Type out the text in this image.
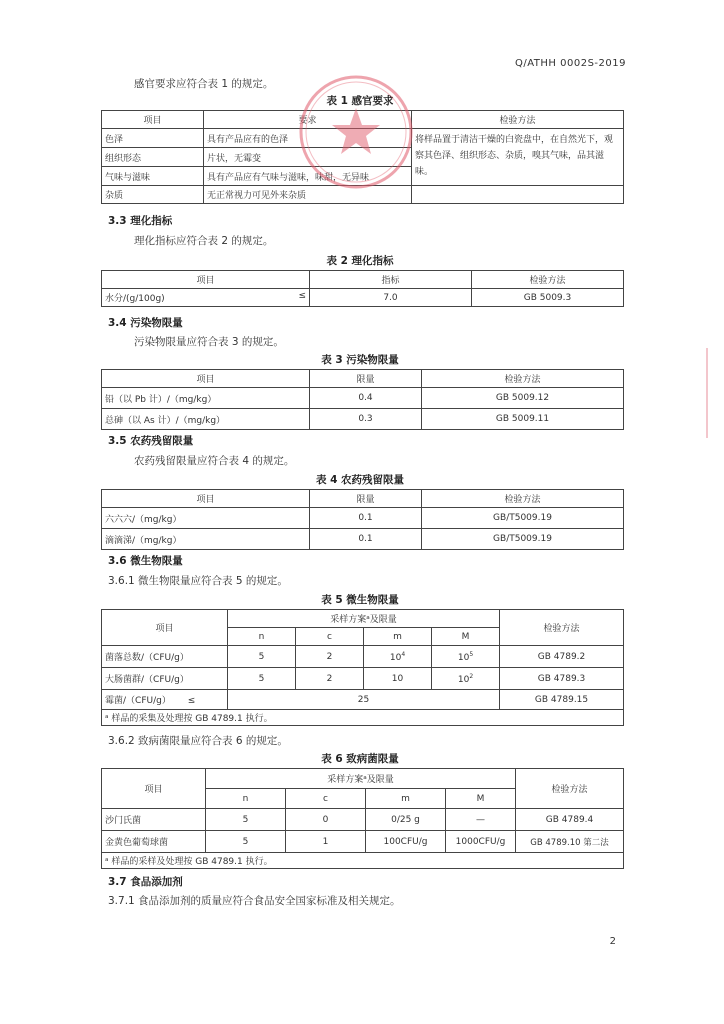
Q/ATHH 0002S-2019
感官要求应符合表 1 的规定。
表 1 感官要求
项目	要求	检验方法
色泽	具有产品应有的色泽	将样品置于清洁干燥的白瓷盘中，在自然光下，观察其色泽、组织形态、杂质，嗅其气味，品其滋味。
组织形态	片状，无霉变	
气味与滋味	具有产品应有气味与滋味，味甜，无异味	
杂质	无正常视力可见外来杂质	
3.3 理化指标
理化指标应符合表 2 的规定。
表 2 理化指标
项目	指标	检验方法
水分/(g/100g) ≤	7.0	GB 5009.3
3.4 污染物限量
污染物限量应符合表 3 的规定。
表 3 污染物限量
项目	限量	检验方法
铅（以 Pb 计）/（mg/kg）	0.4	GB 5009.12
总砷（以 As 计）/（mg/kg）	0.3	GB 5009.11
3.5 农药残留限量
农药残留限量应符合表 4 的规定。
表 4 农药残留限量
项目	限量	检验方法
六六六/（mg/kg）	0.1	GB/T5009.19
滴滴涕/（mg/kg）	0.1	GB/T5009.19
3.6 微生物限量
3.6.1 微生物限量应符合表 5 的规定。
表 5 微生物限量
项目	采样方案ᵃ及限量				检验方法
	n	c	m	M	
菌落总数/（CFU/g）	5	2	$10^4$	$10^5$	GB 4789.2
大肠菌群/（CFU/g）	5	2	10	$10^2$	GB 4789.3
霉菌/（CFU/g） ≤	25				GB 4789.15
ᵃ 样品的采集及处理按 GB 4789.1 执行。					
3.6.2 致病菌限量应符合表 6 的规定。
表 6 致病菌限量
项目	采样方案ᵃ及限量				检验方法
	n	c	m	M	
沙门氏菌	5	0	0/25 g	—	GB 4789.4
金黄色葡萄球菌	5	1	100CFU/g	1000CFU/g	GB 4789.10 第二法
ᵃ 样品的采样及处理按 GB 4789.1 执行。					
3.7 食品添加剂
3.7.1 食品添加剂的质量应符合食品安全国家标准及相关规定。
2
